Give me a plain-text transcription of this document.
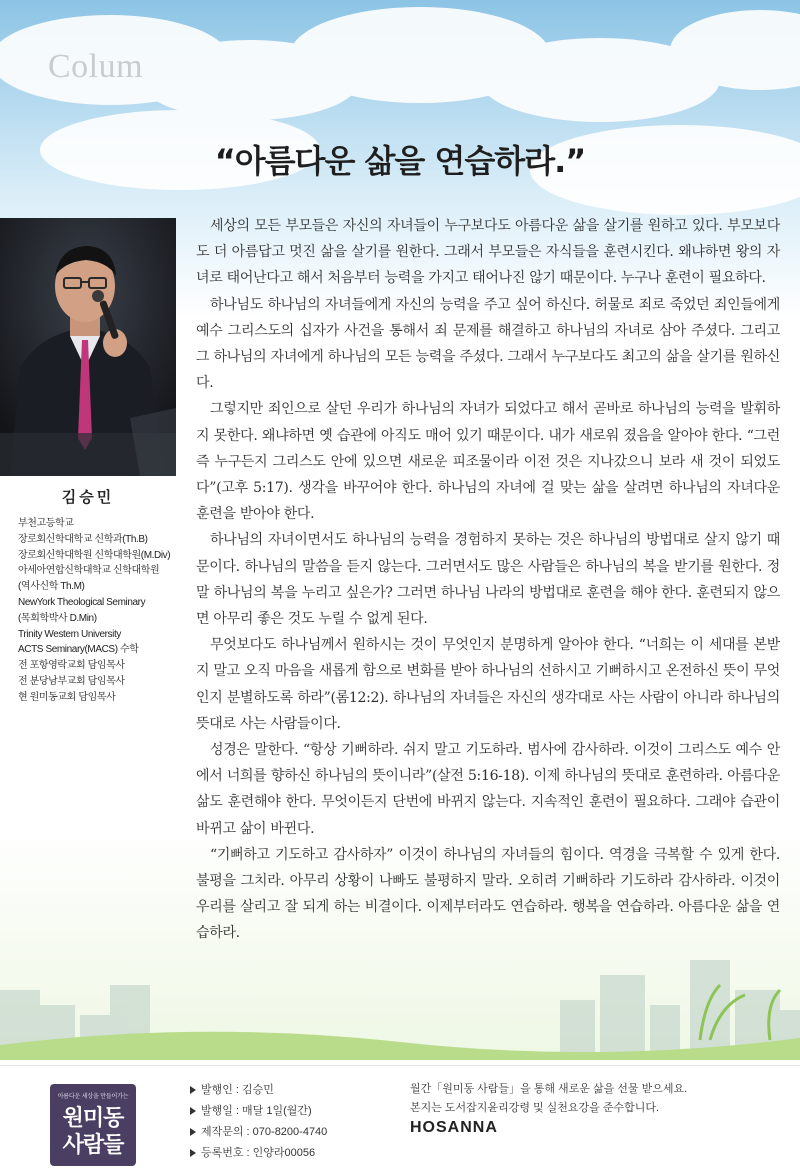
Colum
“아름다운 삶을 연습하라.”
김승민
부천고등학교
장로회신학대학교 신학과(Th.B)
장로회신학대학원 신학대학원(M.Div)
아세아연합신학대학교 신학대학원
(역사신학 Th.M)
NewYork Theological Seminary
(목회학박사 D.Min)
Trinity Western University
ACTS Seminary(MACS) 수학
전 포항영락교회 담임목사
전 분당남부교회 담임목사
현 원미동교회 담임목사

세상의 모든 부모들은 자신의 자녀들이 누구보다도 아름다운 삶을 살기를 원하고 있다. 부모보다도 더 아름답고 멋진 삶을 살기를 원한다. 그래서 부모들은 자식들을 훈련시킨다. 왜냐하면 왕의 자녀로 태어난다고 해서 처음부터 능력을 가지고 태어나진 않기 때문이다. 누구나 훈련이 필요하다.

하나님도 하나님의 자녀들에게 자신의 능력을 주고 싶어 하신다. 허물로 죄로 죽었던 죄인들에게 예수 그리스도의 십자가 사건을 통해서 죄 문제를 해결하고 하나님의 자녀로 삼아 주셨다. 그리고 그 하나님의 자녀에게 하나님의 모든 능력을 주셨다. 그래서 누구보다도 최고의 삶을 살기를 원하신다.

그렇지만 죄인으로 살던 우리가 하나님의 자녀가 되었다고 해서 곧바로 하나님의 능력을 발휘하지 못한다. 왜냐하면 옛 습관에 아직도 매어 있기 때문이다. 내가 새로워 졌음을 알아야 한다. “그런즉 누구든지 그리스도 안에 있으면 새로운 피조물이라 이전 것은 지나갔으니 보라 새 것이 되었도다”(고후 5:17). 생각을 바꾸어야 한다. 하나님의 자녀에 걸 맞는 삶을 살려면 하나님의 자녀다운 훈련을 받아야 한다.

하나님의 자녀이면서도 하나님의 능력을 경험하지 못하는 것은 하나님의 방법대로 살지 않기 때문이다. 하나님의 말씀을 듣지 않는다. 그러면서도 많은 사람들은 하나님의 복을 받기를 원한다. 정말 하나님의 복을 누리고 싶은가? 그러면 하나님 나라의 방법대로 훈련을 해야 한다. 훈련되지 않으면 아무리 좋은 것도 누릴 수 없게 된다.

무엇보다도 하나님께서 원하시는 것이 무엇인지 분명하게 알아야 한다. “너희는 이 세대를 본받지 말고 오직 마음을 새롭게 함으로 변화를 받아 하나님의 선하시고 기뻐하시고 온전하신 뜻이 무엇인지 분별하도록 하라”(롬12:2). 하나님의 자녀들은 자신의 생각대로 사는 사람이 아니라 하나님의 뜻대로 사는 사람들이다.

성경은 말한다. “항상 기뻐하라. 쉬지 말고 기도하라. 범사에 감사하라. 이것이 그리스도 예수 안에서 너희를 향하신 하나님의 뜻이니라”(살전 5:16-18). 이제 하나님의 뜻대로 훈련하라. 아름다운 삶도 훈련해야 한다. 무엇이든지 단번에 바뀌지 않는다. 지속적인 훈련이 필요하다. 그래야 습관이 바뀌고 삶이 바뀐다.

“기뻐하고 기도하고 감사하자” 이것이 하나님의 자녀들의 힘이다. 역경을 극복할 수 있게 한다. 불평을 그치라. 아무리 상황이 나빠도 불평하지 말라. 오히려 기뻐하라 기도하라 감사하라. 이것이 우리를 살리고 잘 되게 하는 비결이다. 이제부터라도 연습하라. 행복을 연습하라. 아름다운 삶을 연습하라.

아름다운 세상을 만들어가는
원미동
사람들
발행인 : 김승민
발행일 : 매달 1일(월간)
제작문의 : 070-8200-4740
등록번호 : 인양라00056
월간「원미동 사람들」을 통해 새로운 삶을 선물 받으세요.
본지는 도서잡지윤리강령 및 실천요강을 준수합니다.
HOSANNA
